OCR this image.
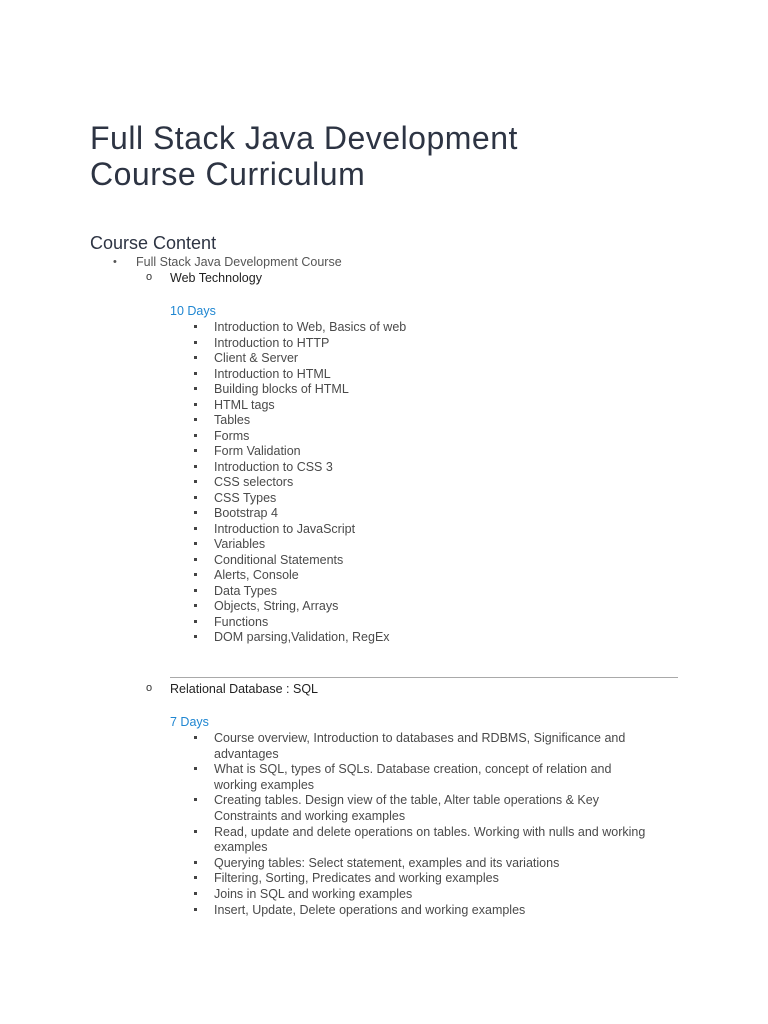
Full Stack Java Development
Course Curriculum
Course Content
• Full Stack Java Development Course
o Web Technology
10 Days
Introduction to Web, Basics of web
Introduction to HTTP
Client & Server
Introduction to HTML
Building blocks of HTML
HTML tags
Tables
Forms
Form Validation
Introduction to CSS 3
CSS selectors
CSS Types
Bootstrap 4
Introduction to JavaScript
Variables
Conditional Statements
Alerts, Console
Data Types
Objects, String, Arrays
Functions
DOM parsing,Validation, RegEx
o Relational Database : SQL
7 Days
Course overview, Introduction to databases and RDBMS, Significance and advantages
What is SQL, types of SQLs. Database creation, concept of relation and working examples
Creating tables. Design view of the table, Alter table operations & Key Constraints and working examples
Read, update and delete operations on tables. Working with nulls and working examples
Querying tables: Select statement, examples and its variations
Filtering, Sorting, Predicates and working examples
Joins in SQL and working examples
Insert, Update, Delete operations and working examples
